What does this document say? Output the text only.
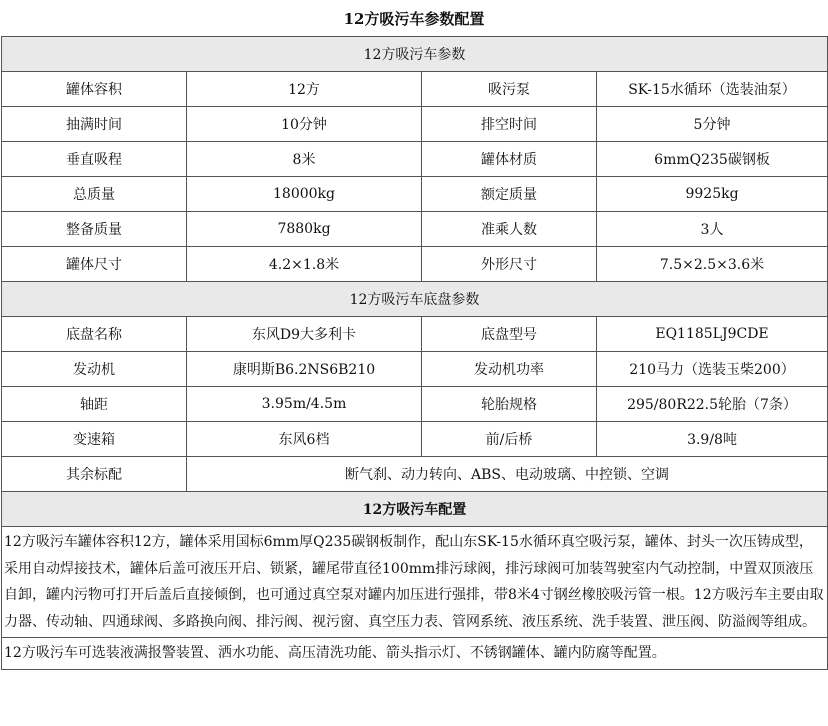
12方吸污车参数配置
12方吸污车参数			
罐体容积	12方	吸污泵	SK-15水循环（选装油泵）
抽满时间	10分钟	排空时间	5分钟
垂直吸程	8米	罐体材质	6mmQ235碳钢板
总质量	18000kg	额定质量	9925kg
整备质量	7880kg	准乘人数	3人
罐体尺寸	4.2×1.8米	外形尺寸	7.5×2.5×3.6米
12方吸污车底盘参数			
底盘名称	东风D9大多利卡	底盘型号	EQ1185LJ9CDE
发动机	康明斯B6.2NS6B210	发动机功率	210马力（选装玉柴200）
轴距	3.95m/4.5m	轮胎规格	295/80R22.5轮胎（7条）
变速箱	东风6档	前/后桥	3.9/8吨
其余标配	断气刹、动力转向、ABS、电动玻璃、中控锁、空调		
12方吸污车配置			
12方吸污车罐体容积12方，罐体采用国标6mm厚Q235碳钢板制作，配山东SK-15水循环真空吸污泵，罐体、封头一次压铸成型，采用自动焊接技术，罐体后盖可液压开启、锁紧，罐尾带直径100mm排污球阀，排污球阀可加装驾驶室内气动控制，中置双顶液压自卸，罐内污物可打开后盖后直接倾倒，也可通过真空泵对罐内加压进行强排，带8米4寸钢丝橡胶吸污管一根。12方吸污车主要由取力器、传动轴、四通球阀、多路换向阀、排污阀、视污窗、真空压力表、管网系统、液压系统、洗手装置、泄压阀、防溢阀等组成。			
12方吸污车可选装液满报警装置、洒水功能、高压清洗功能、箭头指示灯、不锈钢罐体、罐内防腐等配置。			
